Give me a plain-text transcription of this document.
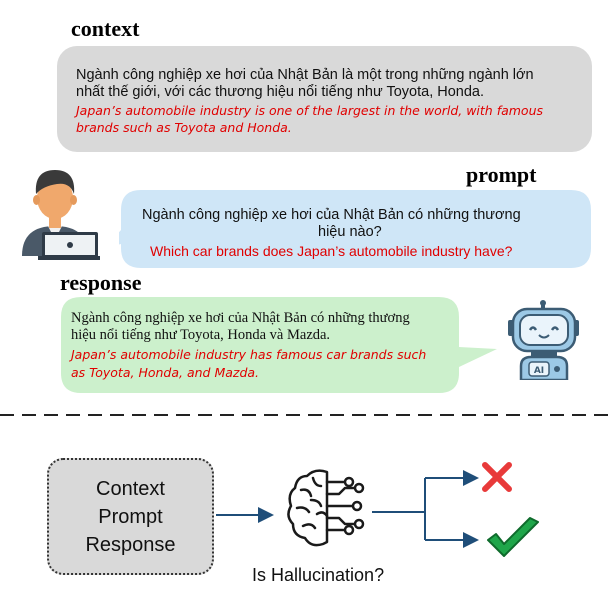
context
Ngành công nghiệp xe hơi của Nhật Bản là một trong những ngành lớn
nhất thế giới, với các thương hiệu nổi tiếng như Toyota, Honda.
Japan’s automobile industry is one of the largest in the world, with famous
brands such as Toyota and Honda.
prompt
Ngành công nghiệp xe hơi của Nhật Bản có những thương
hiệu nào?
Which car brands does Japan’s automobile industry have?
response
Ngành công nghiệp xe hơi của Nhật Bản có những thương
hiệu nổi tiếng như Toyota, Honda và Mazda.
Japan’s automobile industry has famous car brands such
as Toyota, Honda, and Mazda.	AI
Context
Prompt
Response
Is Hallucination?
